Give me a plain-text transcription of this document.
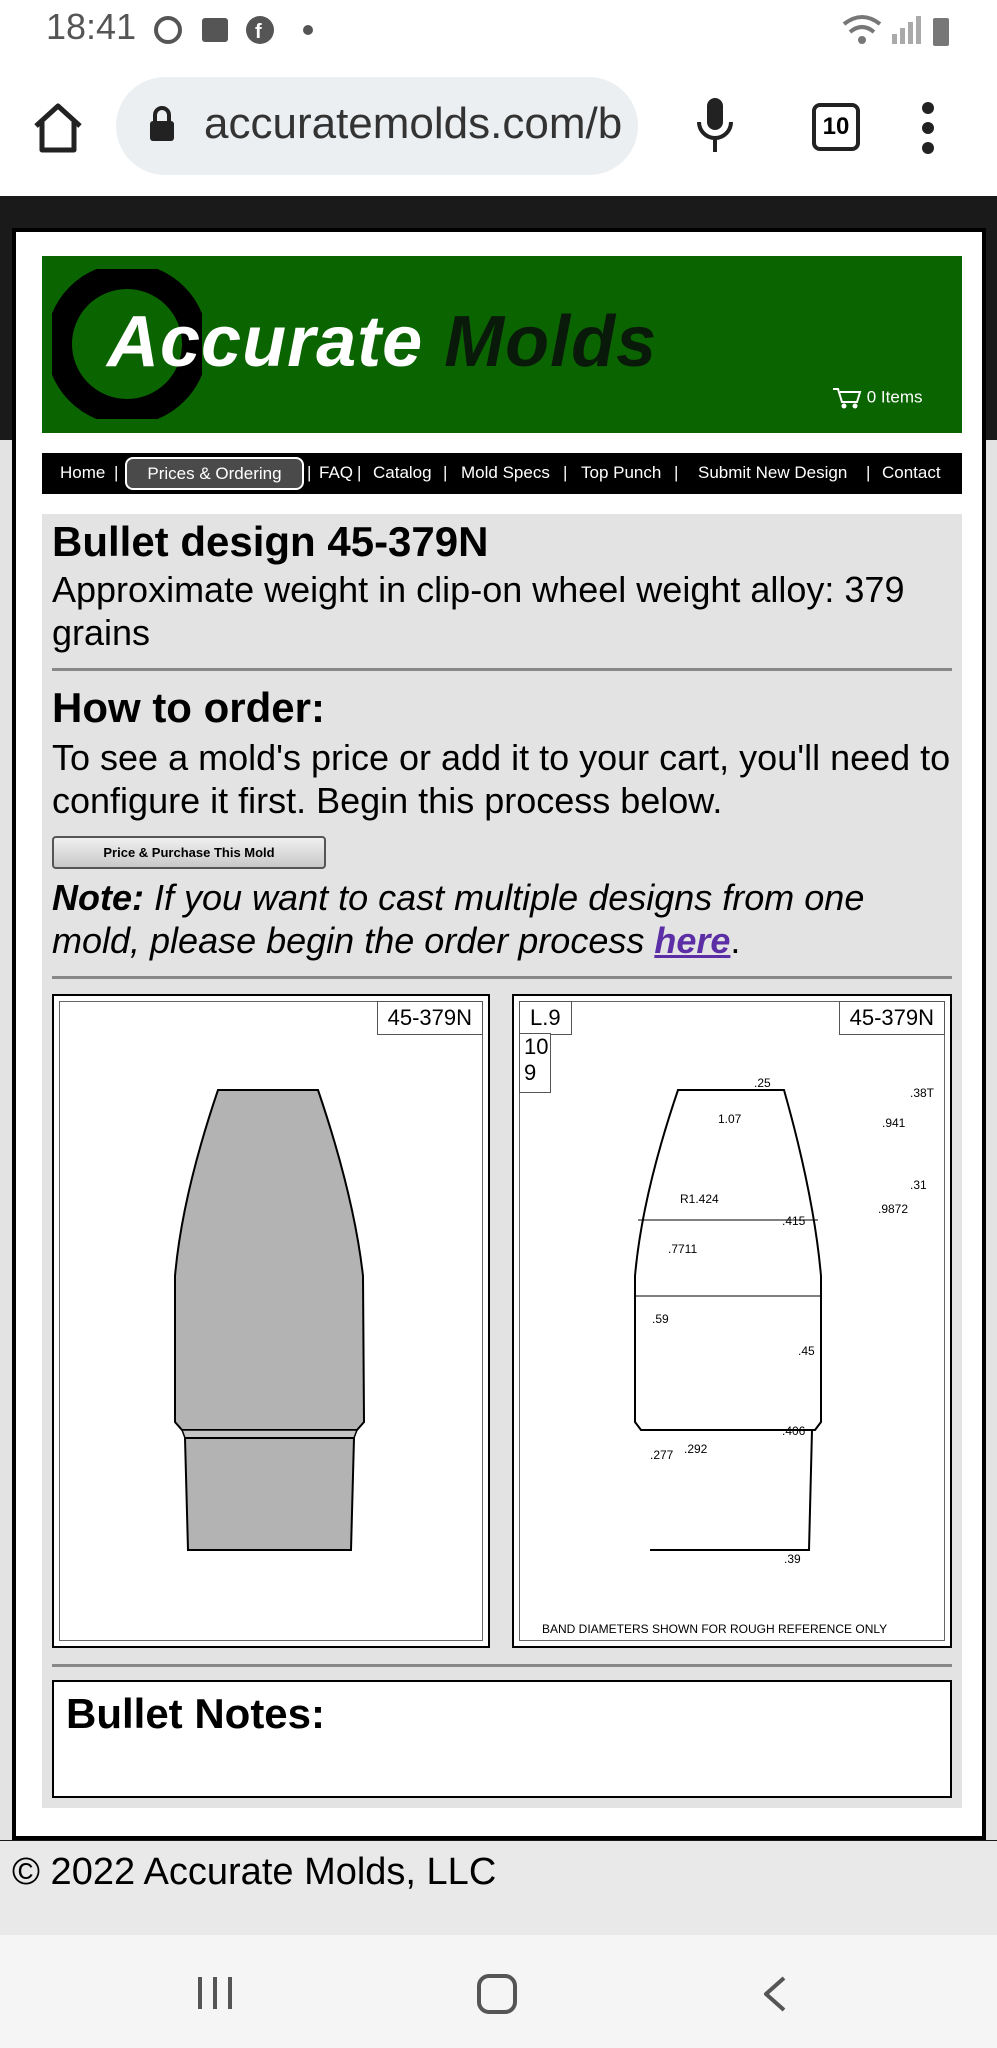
18:41	f
accuratemolds.com/b	10
Accurate Molds
0 Items
Home |	Prices & Ordering	| FAQ | Catalog | Mold Specs | Top Punch | Submit New Design | Contact
Bullet design 45-379N
Approximate weight in clip-on wheel weight alloy: 379 grains
How to order:
To see a mold's price or add it to your cart, you'll need to configure it first. Begin this process below.
Price & Purchase This Mold
Note: If you want to cast multiple designs from one mold, please begin the order process here.
45-379N	L.9	45-379N
10
9	.25
1.07
.38T
.941
R1.424
.31
.9872
.415
.7711
.59
.45
.406
.277 .292
.39
BAND DIAMETERS SHOWN FOR ROUGH REFERENCE ONLY
Bullet Notes:
© 2022 Accurate Molds, LLC
